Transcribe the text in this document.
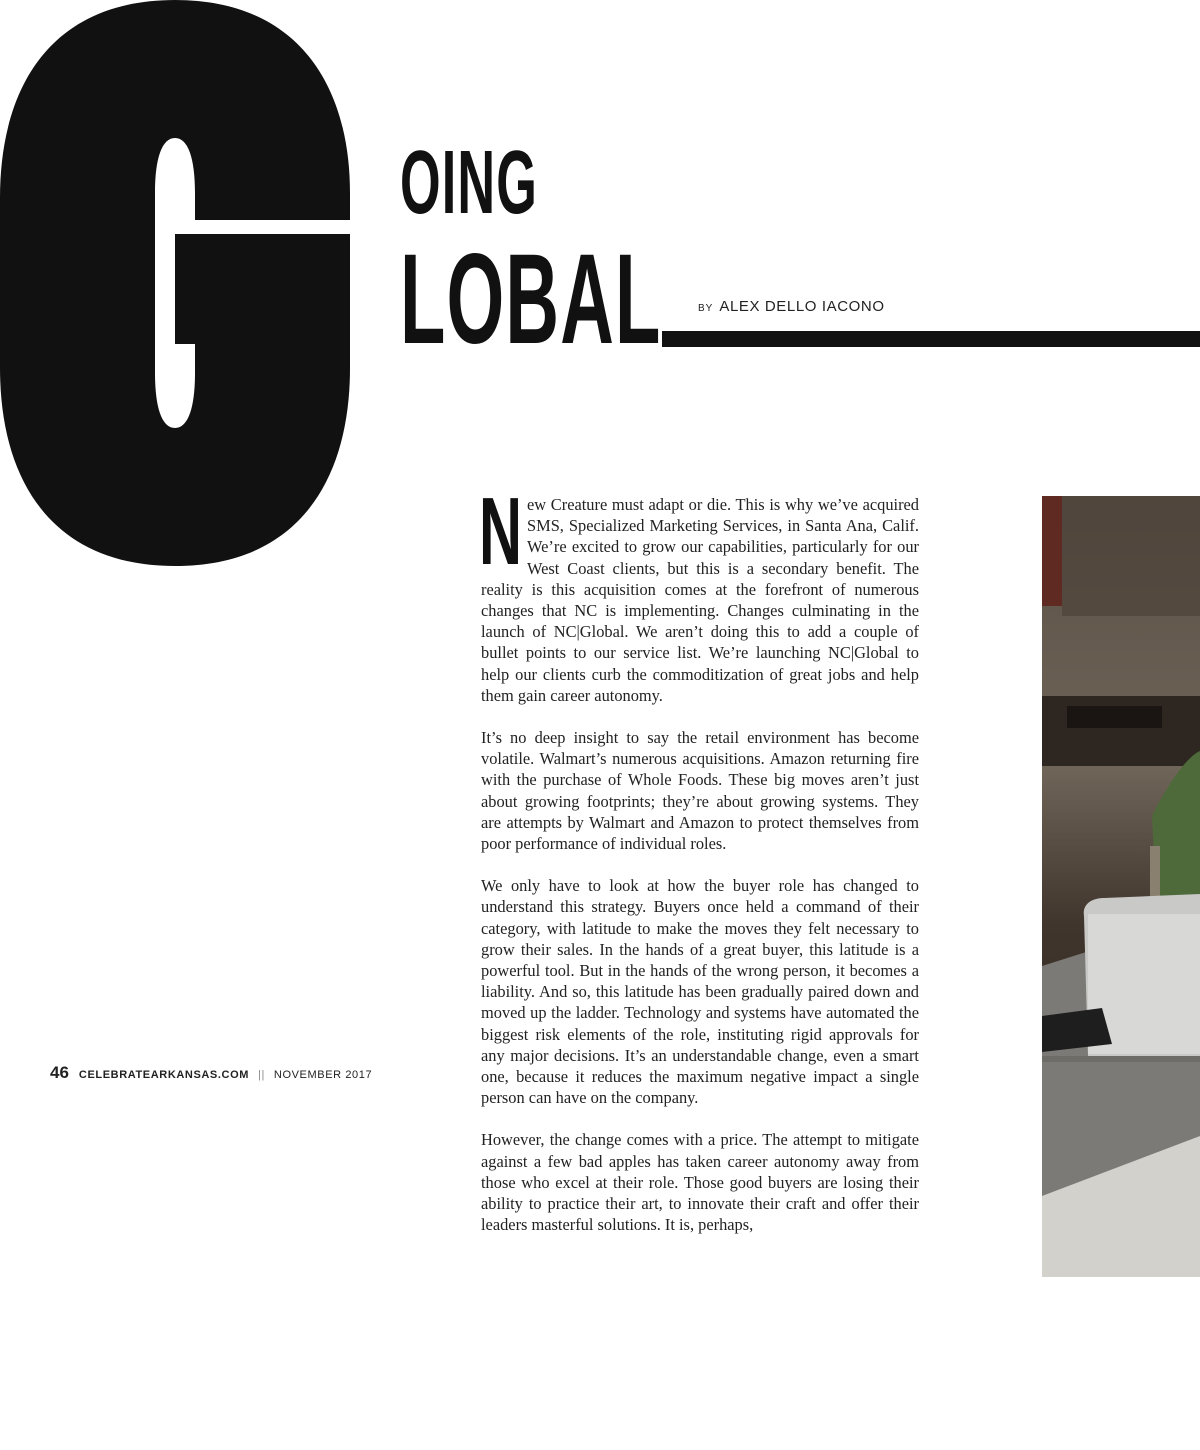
OING
LOBAL	BY ALEX DELLO IACONO

New Creature must adapt or die. This is why we’ve acquired SMS, Specialized Marketing Services, in Santa Ana, Calif. We’re excited to grow our capabilities, particularly for our West Coast clients, but this is a secondary benefit. The reality is this acquisition comes at the forefront of numerous changes that NC is implementing. Changes culminating in the launch of NC|Global. We aren’t doing this to add a couple of bullet points to our service list. We’re launching NC|Global to help our clients curb the commoditization of great jobs and help them gain career autonomy.

It’s no deep insight to say the retail environment has become volatile. Walmart’s numerous acquisitions. Amazon returning fire with the purchase of Whole Foods. These big moves aren’t just about growing footprints; they’re about growing systems. They are attempts by Walmart and Amazon to protect themselves from poor performance of individual roles.

We only have to look at how the buyer role has changed to understand this strategy. Buyers once held a command of their category, with latitude to make the moves they felt necessary to grow their sales. In the hands of a great buyer, this latitude is a powerful tool. But in the hands of the wrong person, it becomes a liability. And so, this latitude has been gradually paired down and moved up the ladder. Technology and systems have automated the biggest risk elements of the role, instituting rigid approvals for any major decisions. It’s an understandable change, even a smart one, because it reduces the maximum negative impact a single person can have on the company.

However, the change comes with a price. The attempt to mitigate against a few bad apples has taken career autonomy away from those who excel at their role. Those good buyers are losing their ability to practice their art, to innovate their craft and offer their leaders masterful solutions. It is, perhaps,

46 CELEBRATEARKANSAS.COM || NOVEMBER 2017
